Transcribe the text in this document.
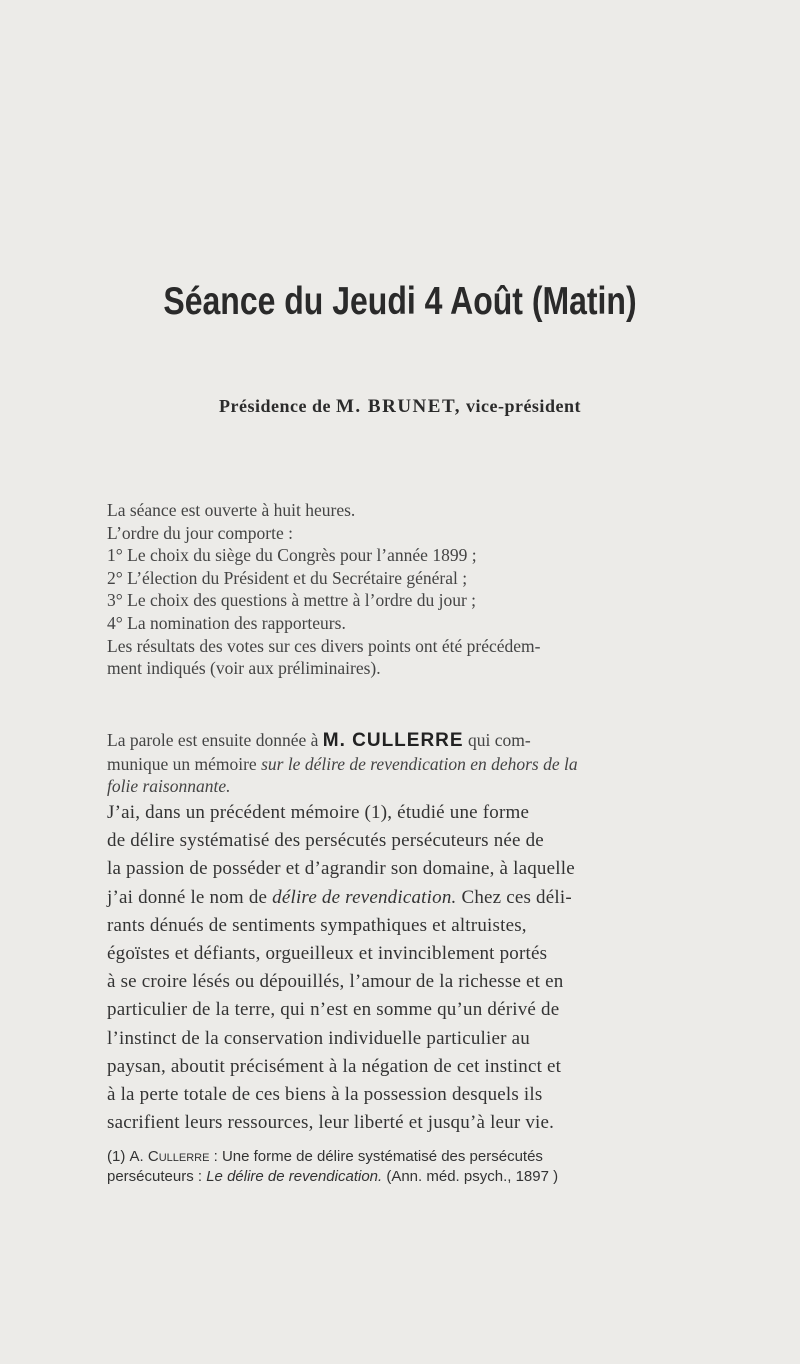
Séance du Jeudi 4 Août (Matin)
Présidence de M. BRUNET, vice-président

La séance est ouverte à huit heures.

L’ordre du jour comporte :

1° Le choix du siège du Congrès pour l’année 1899 ;

2° L’élection du Président et du Secrétaire général ;

3° Le choix des questions à mettre à l’ordre du jour ;

4° La nomination des rapporteurs.

Les résultats des votes sur ces divers points ont été précédem-

ment indiqués (voir aux préliminaires).

La parole est ensuite donnée à M. CULLERRE qui com-

munique un mémoire sur le délire de revendication en dehors de la

folie raisonnante.

J’ai, dans un précédent mémoire (1), étudié une forme
de délire systématisé des persécutés persécuteurs née de
la passion de posséder et d’agrandir son domaine, à laquelle
j’ai donné le nom de délire de revendication. Chez ces déli-
rants dénués de sentiments sympathiques et altruistes,
égoïstes et défiants, orgueilleux et invinciblement portés
à se croire lésés ou dépouillés, l’amour de la richesse et en
particulier de la terre, qui n’est en somme qu’un dérivé de
l’instinct de la conservation individuelle particulier au
paysan, aboutit précisément à la négation de cet instinct et
à la perte totale de ces biens à la possession desquels ils
sacrifient leurs ressources, leur liberté et jusqu’à leur vie.
(1) A. Cullerre : Une forme de délire systématisé des persécutés
persécuteurs : Le délire de revendication. (Ann. méd. psych., 1897 )
